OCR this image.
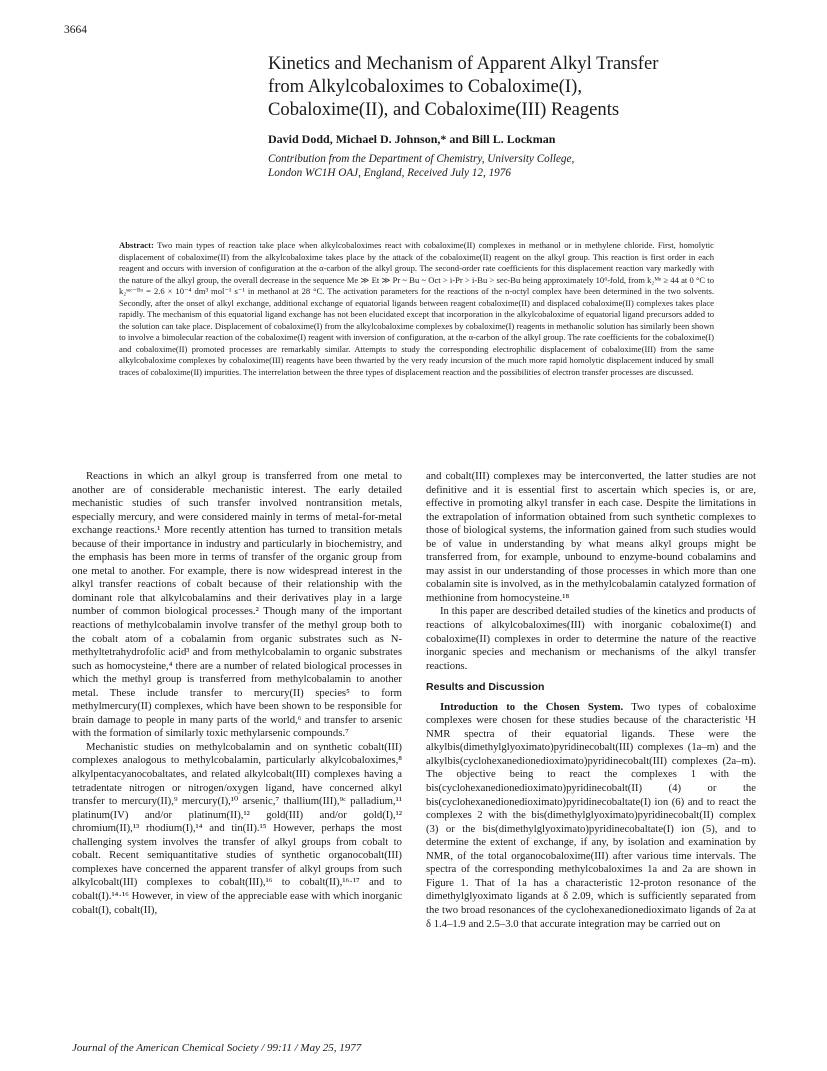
3664
Kinetics and Mechanism of Apparent Alkyl Transfer
from Alkylcobaloximes to Cobaloxime(I),
Cobaloxime(II), and Cobaloxime(III) Reagents
David Dodd, Michael D. Johnson,* and Bill L. Lockman
Contribution from the Department of Chemistry, University College,
London WC1H OAJ, England, Received July 12, 1976
Abstract: Two main types of reaction take place when alkylcobaloximes react with cobaloxime(II) complexes in methanol or in methylene chloride. First, homolytic displacement of cobaloxime(II) from the alkylcobaloxime takes place by the attack of the cobaloxime(II) reagent on the alkyl group. This reaction is first order in each reagent and occurs with inversion of configuration at the α-carbon of the alkyl group. The second-order rate coefficients for this displacement reaction vary markedly with the nature of the alkyl group, the overall decrease in the sequence Me ≫ Et ≫ Pr ~ Bu ~ Oct > i-Pr > i-Bu > sec-Bu being approximately 10⁶-fold, from k₂ᴹᵉ ≥ 44 at 0 °C to k₂ˢᵉᶜ⁻ᴮᵘ = 2.6 × 10⁻⁴ dm³ mol⁻¹ s⁻¹ in methanol at 28 °C. The activation parameters for the reactions of the n-octyl complex have been determined in the two solvents. Secondly, after the onset of alkyl exchange, additional exchange of equatorial ligands between reagent cobaloxime(II) and displaced cobaloxime(II) complexes takes place rapidly. The mechanism of this equatorial ligand exchange has not been elucidated except that incorporation in the alkylcobaloxime of equatorial ligand precursors added to the solution can take place. Displacement of cobaloxime(I) from the alkylcobaloxime complexes by cobaloxime(I) reagents in methanolic solution has similarly been shown to involve a bimolecular reaction of the cobaloxime(I) reagent with inversion of configuration, at the α-carbon of the alkyl group. The rate coefficients for the cobaloxime(I) and cobaloxime(II) promoted processes are remarkably similar. Attempts to study the corresponding electrophilic displacement of cobaloxime(III) from the same alkylcobaloxime complexes by cobaloxime(III) reagents have been thwarted by the very ready incursion of the much more rapid homolytic displacement induced by small traces of cobaloxime(II) impurities. The interrelation between the three types of displacement reaction and the possibilities of electron transfer processes are discussed.

Reactions in which an alkyl group is transferred from one metal to another are of considerable mechanistic interest. The early detailed mechanistic studies of such transfer involved nontransition metals, especially mercury, and were considered mainly in terms of metal-for-metal exchange reactions.¹ More recently attention has turned to transition metals because of their importance in industry and particularly in biochemistry, and the emphasis has been more in terms of transfer of the organic group from one metal to another. For example, there is now widespread interest in the alkyl transfer reactions of cobalt because of their relationship with the dominant role that alkylcobalamins and their derivatives play in a large number of common biological processes.² Though many of the important reactions of methylcobalamin involve transfer of the methyl group both to the cobalt atom of a cobalamin from organic substrates such as N-methyltetrahydrofolic acid³ and from methylcobalamin to organic substrates such as homocysteine,⁴ there are a number of related biological processes in which the methyl group is transferred from methylcobalamin to another metal. These include transfer to mercury(II) species⁵ to form methylmercury(II) complexes, which have been shown to be responsible for brain damage to people in many parts of the world,⁶ and transfer to arsenic with the formation of similarly toxic methylarsenic compounds.⁷

Mechanistic studies on methylcobalamin and on synthetic cobalt(III) complexes analogous to methylcobalamin, particularly alkylcobaloximes,⁸ alkylpentacyanocobaltates, and related alkylcobalt(III) complexes having a tetradentate nitrogen or nitrogen/oxygen ligand, have concerned alkyl transfer to mercury(II),⁹ mercury(I),¹⁰ arsenic,⁷ thallium(III),⁹ᶜ palladium,¹¹ platinum(IV) and/or platinum(II),¹² gold(III) and/or gold(I),¹² chromium(II),¹³ rhodium(I),¹⁴ and tin(II).¹⁵ However, perhaps the most challenging system involves the transfer of alkyl groups from cobalt to cobalt. Recent semiquantitative studies of synthetic organocobalt(III) complexes have concerned the apparent transfer of alkyl groups from such alkylcobalt(III) complexes to cobalt(III),¹⁶ to cobalt(II),¹⁶·¹⁷ and to cobalt(I).¹⁴·¹⁶ However, in view of the appreciable ease with which inorganic cobalt(I), cobalt(II),

and cobalt(III) complexes may be interconverted, the latter studies are not definitive and it is essential first to ascertain which species is, or are, effective in promoting alkyl transfer in each case. Despite the limitations in the extrapolation of information obtained from such synthetic complexes to those of biological systems, the information gained from such studies would be of value in understanding by what means alkyl groups might be transferred from, for example, unbound to enzyme-bound cobalamins and may assist in our understanding of those processes in which more than one cobalamin site is involved, as in the methylcobalamin catalyzed formation of methionine from homocysteine.¹⁸

In this paper are described detailed studies of the kinetics and products of reactions of alkylcobaloximes(III) with inorganic cobaloxime(I) and cobaloxime(II) complexes in order to determine the nature of the reactive inorganic species and mechanism or mechanisms of the alkyl transfer reactions.

Results and Discussion

Introduction to the Chosen System. Two types of cobaloxime complexes were chosen for these studies because of the characteristic ¹H NMR spectra of their equatorial ligands. These were the alkylbis(dimethylglyoximato)pyridinecobalt(III) complexes (1a–m) and the alkylbis(cyclohexanedionedioximato)pyridinecobalt(III) complexes (2a–m). The objective being to react the complexes 1 with the bis(cyclohexanedionedioximato)pyridinecobalt(II) (4) or the bis(cyclohexanedionedioximato)pyridinecobaltate(I) ion (6) and to react the complexes 2 with the bis(dimethylglyoximato)pyridinecobalt(II) complex (3) or the bis(dimethylglyoximato)pyridinecobaltate(I) ion (5), and to determine the extent of exchange, if any, by isolation and examination by NMR, of the total organocobaloxime(III) after various time intervals. The spectra of the corresponding methylcobaloximes 1a and 2a are shown in Figure 1. That of 1a has a characteristic 12-proton resonance of the dimethylglyoximato ligands at δ 2.09, which is sufficiently separated from the two broad resonances of the cyclohexanedionedioximato ligands of 2a at δ 1.4–1.9 and 2.5–3.0 that accurate integration may be carried out on

Journal of the American Chemical Society / 99:11 / May 25, 1977
